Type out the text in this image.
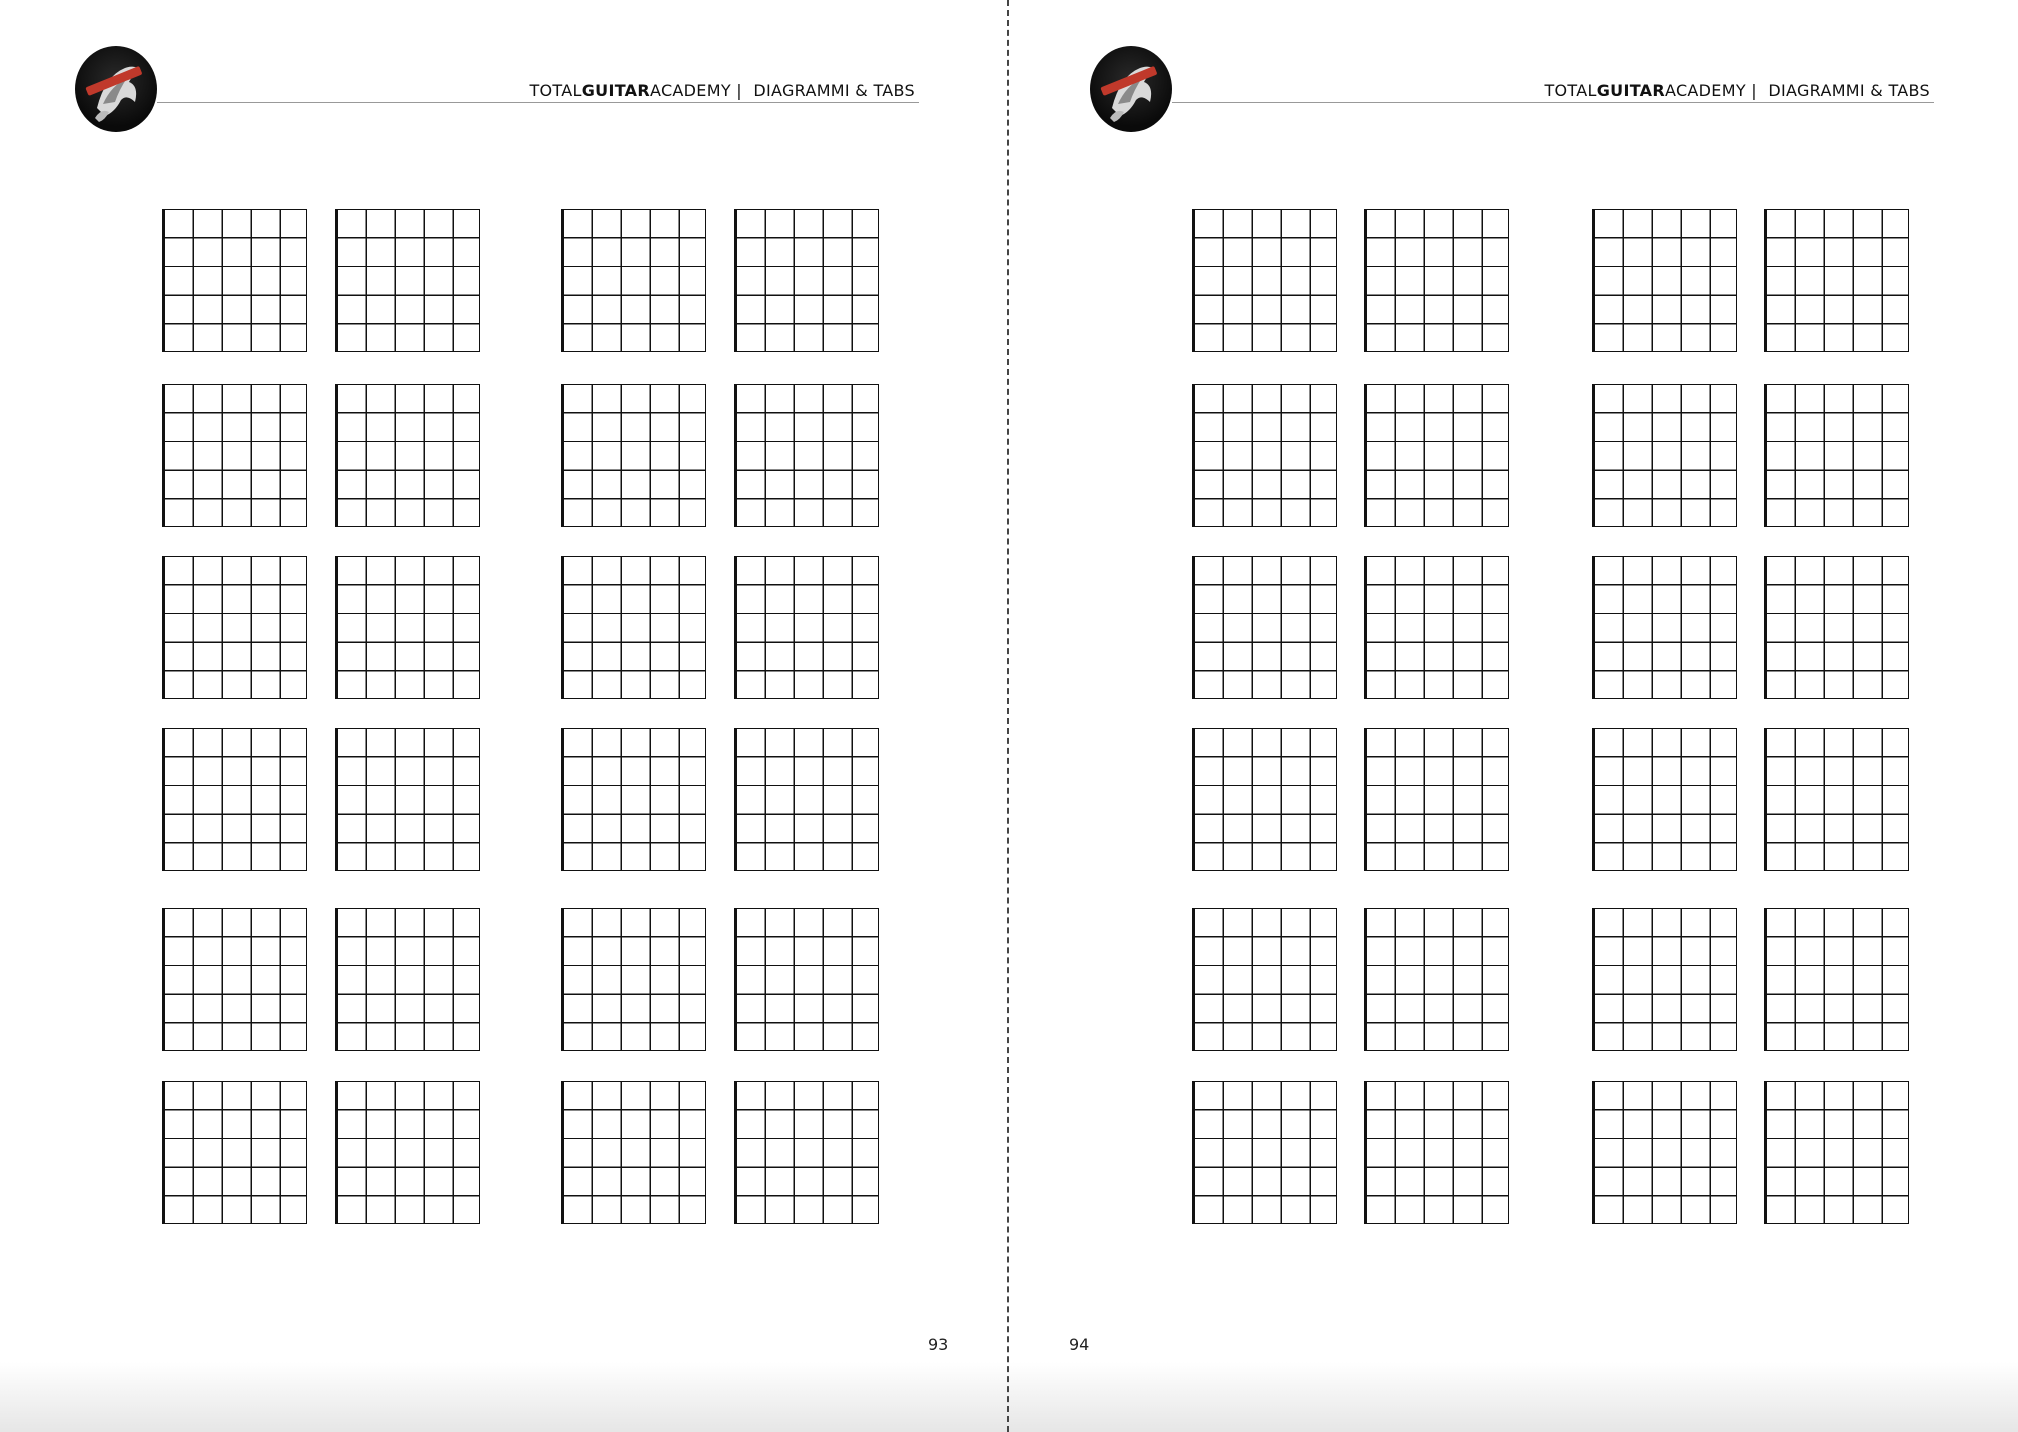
TOTALGUITARACADEMY | DIAGRAMMI & TABS
93
TOTALGUITARACADEMY | DIAGRAMMI & TABS
94
